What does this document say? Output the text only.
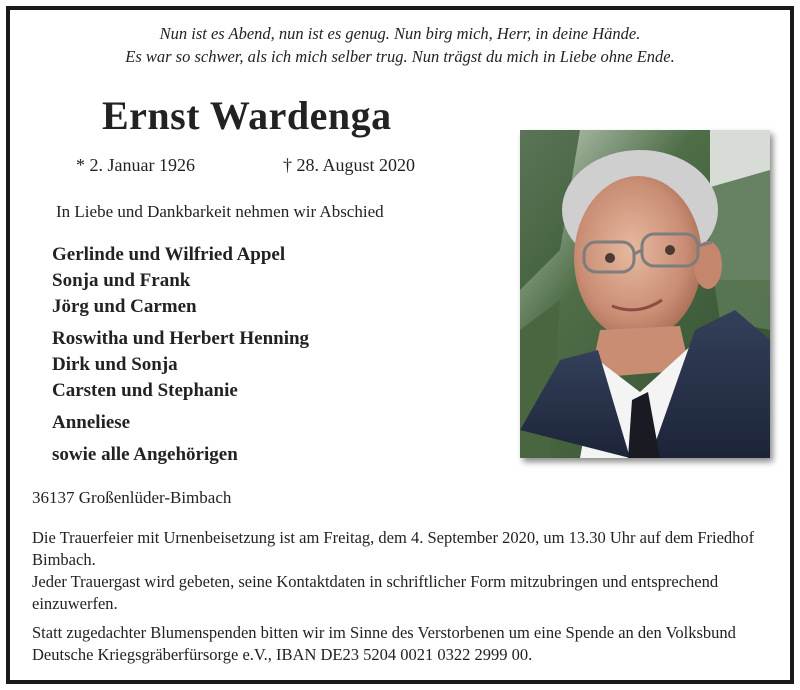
Nun ist es Abend, nun ist es genug. Nun birg mich, Herr, in deine Hände.
Es war so schwer, als ich mich selber trug. Nun trägst du mich in Liebe ohne Ende.
Ernst Wardenga
* 2. Januar 1926	† 28. August 2020
In Liebe und Dankbarkeit nehmen wir Abschied
Gerlinde und Wilfried Appel
Sonja und Frank
Jörg und Carmen
Roswitha und Herbert Henning
Dirk und Sonja
Carsten und Stephanie
Anneliese
sowie alle Angehörigen
36137 Großenlüder-Bimbach
Die Trauerfeier mit Urnenbeisetzung ist am Freitag, dem 4. September 2020, um 13.30 Uhr auf dem Friedhof Bimbach.
Jeder Trauergast wird gebeten, seine Kontaktdaten in schriftlicher Form mitzubringen und entsprechend einzuwerfen.
Statt zugedachter Blumenspenden bitten wir im Sinne des Verstorbenen um eine Spende an den Volksbund Deutsche Kriegsgräberfürsorge e.V., IBAN DE23 5204 0021 0322 2999 00.
